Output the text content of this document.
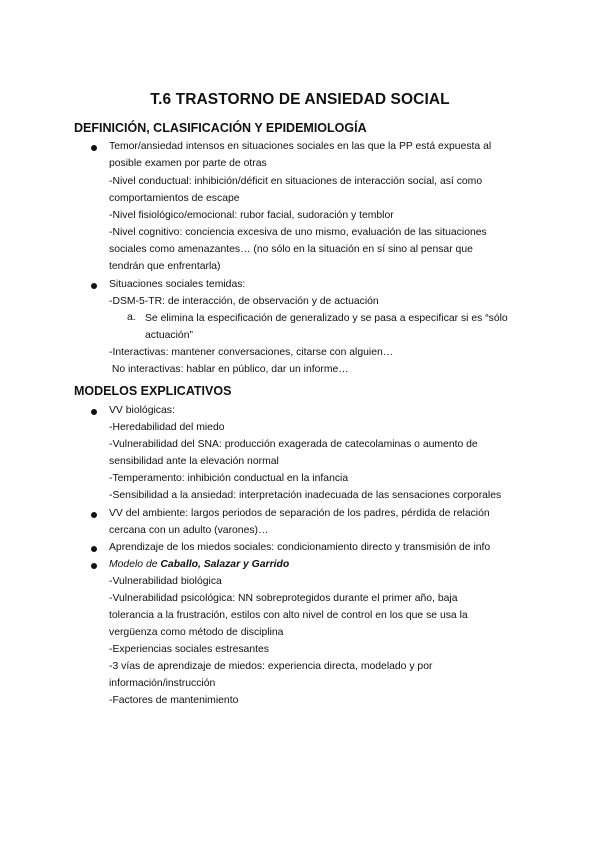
T.6 TRASTORNO DE ANSIEDAD SOCIAL
DEFINICIÓN, CLASIFICACIÓN Y EPIDEMIOLOGÍA
Temor/ansiedad intensos en situaciones sociales en las que la PP está expuesta al
posible examen por parte de otras
-Nivel conductual: inhibición/déficit en situaciones de interacción social, así como
comportamientos de escape
-Nivel fisiológico/emocional: rubor facial, sudoración y temblor
-Nivel cognitivo: conciencia excesiva de uno mismo, evaluación de las situaciones
sociales como amenazantes… (no sólo en la situación en sí sino al pensar que
tendrán que enfrentarla)
Situaciones sociales temidas:
-DSM-5-TR: de interacción, de observación y de actuación
a. Se elimina la especificación de generalizado y se pasa a especificar si es “sólo
actuación”
-Interactivas: mantener conversaciones, citarse con alguien…
No interactivas: hablar en público, dar un informe…
MODELOS EXPLICATIVOS
VV biológicas:
-Heredabilidad del miedo
-Vulnerabilidad del SNA: producción exagerada de catecolaminas o aumento de
sensibilidad ante la elevación normal
-Temperamento: inhibición conductual en la infancia
-Sensibilidad a la ansiedad: interpretación inadecuada de las sensaciones corporales
VV del ambiente: largos periodos de separación de los padres, pérdida de relación
cercana con un adulto (varones)…
Aprendizaje de los miedos sociales: condicionamiento directo y transmisión de info
Modelo de Caballo, Salazar y Garrido
-Vulnerabilidad biológica
-Vulnerabilidad psicológica: NN sobreprotegidos durante el primer año, baja
tolerancia a la frustración, estilos con alto nivel de control en los que se usa la
vergüenza como método de disciplina
-Experiencias sociales estresantes
-3 vías de aprendizaje de miedos: experiencia directa, modelado y por
información/instrucción
-Factores de mantenimiento
